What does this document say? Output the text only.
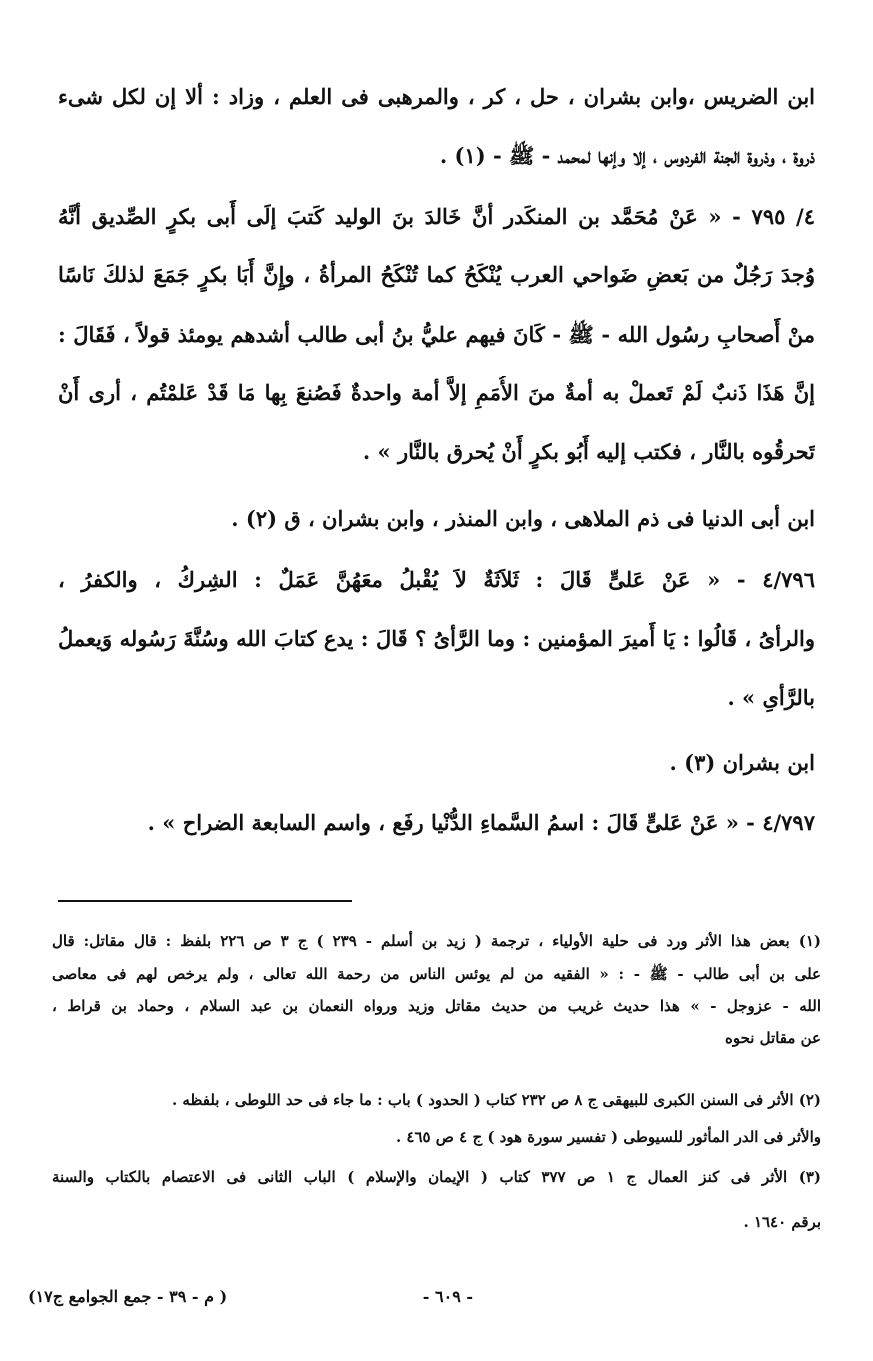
ابن الضريس ،وابن بشران ، حل ، كر ، والمرهبى فى العلم ، وزاد : ألا إن لكل شىء
ذروة ، وذروة الجنة الفردوس ، إلا وإنها لمحمد - ﷺ - (١) .
٤/ ٧٩٥ - « عَنْ مُحَمَّد بن المنكَدر أنَّ خَالدَ بنَ الوليد كَتبَ إلَى أَبى بكرٍ الصِّديق أنَّهُ
وُجدَ رَجُلٌ من بَعضِ ضَواحي العرب يُنْكَحُ كما تُنْكَحُ المرأةُ ، وإِنَّ أَبَا بكرٍ جَمَعَ لذلكَ نَاسًا
منْ أَصحابِ رسُول الله - ﷺ - كَانَ فيهم عليُّ بنُ أبى طالب أشدهم يومئذ قولاً ، فَقَالَ :
إنَّ هَذَا ذَنبٌ لَمْ تَعملْ به أمةٌ منَ الأُمَمِ إلاَّ أمة واحدةٌ فَصُنعَ بِها مَا قَدْ عَلمْتُم ، أرى أَنْ
تَحرقُوه بالنَّار ، فكتب إليه أَبُو بكرٍ أَنْ يُحرق بالنَّار » .
ابن أبى الدنيا فى ذم الملاهى ، وابن المنذر ، وابن بشران ، ق (٢) .
٤/٧٩٦ - « عَنْ عَلىٍّ قَالَ : ثَلاَثَةٌ لاَ يُقْبلُ معَهُنَّ عَمَلٌ : الشِركُ ، والكفرُ ،
والرأىُ ، قَالُوا : يَا أَميرَ المؤمنين : وما الرَّأىُ ؟ قَالَ : يدع كتابَ الله وسُنَّةَ رَسُوله وَيعملُ
بالرَّأىِ » .
ابن بشران (٣) .
٤/٧٩٧ - « عَنْ عَلىٍّ قَالَ : اسمُ السَّماءِ الدُّنْيا رفَع ، واسم السابعة الضراح » .
(١) بعض هذا الأثر ورد فى حلية الأولياء ، ترجمة ( زيد بن أسلم - ٢٣٩ ) ج ٣ ص ٢٢٦ بلفظ : قال مقاتل: قال
على بن أبى طالب - ﷺ - : « الفقيه من لم يوئس الناس من رحمة الله تعالى ، ولم يرخص لهم فى معاصى
الله - عزوجل - » هذا حديث غريب من حديث مقاتل وزيد ورواه النعمان بن عبد السلام ، وحماد بن قراط ،
عن مقاتل نحوه
(٢) الأثر فى السنن الكبرى للبيهقى ج ٨ ص ٢٣٢ كتاب ( الحدود ) باب : ما جاء فى حد اللوطى ، بلفظه .
والأثر فى الدر المأثور للسيوطى ( تفسير سورة هود ) ج ٤ ص ٤٦٥ .
(٣) الأثر فى كنز العمال ج ١ ص ٣٧٧ كتاب ( الإيمان والإسلام ) الباب الثانى فى الاعتصام بالكتاب والسنة
برقم ١٦٤٠ .
- ٦٠٩ -
( م - ٣٩ - جمع الجوامع ج١٧)
